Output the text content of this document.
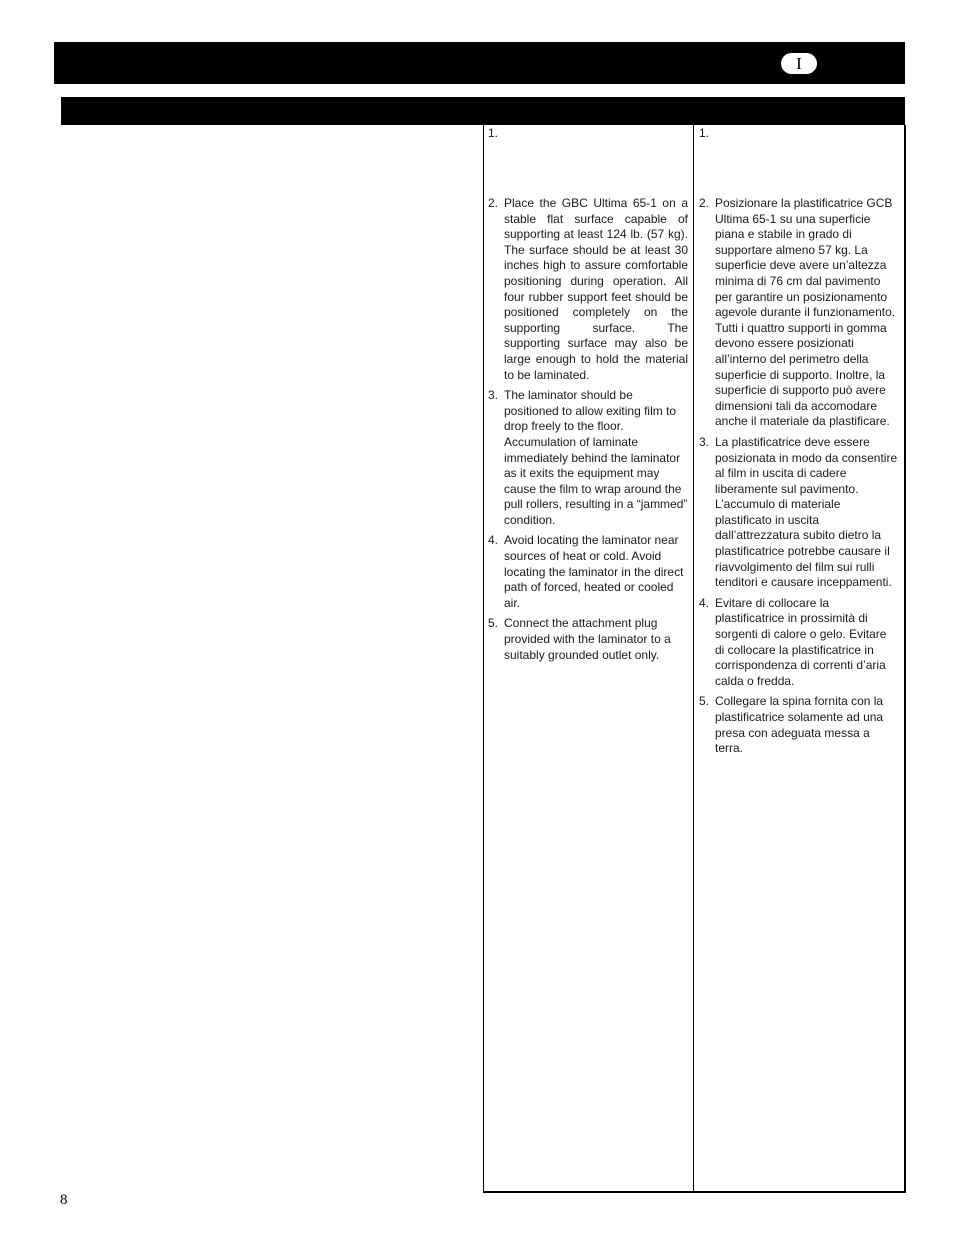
I
1.
2. Place the GBC Ultima 65-1 on a stable flat surface capable of supporting at least 124 lb. (57 kg). The surface should be at least 30 inches high to assure comfortable positioning during operation. All four rubber support feet should be positioned completely on the supporting surface. The supporting surface may also be large enough to hold the material to be laminated.
3. The laminator should be positioned to allow exiting film to drop freely to the floor. Accumulation of laminate immediately behind the laminator as it exits the equipment may cause the film to wrap around the pull rollers, resulting in a “jammed” condition.
4. Avoid locating the laminator near sources of heat or cold. Avoid locating the laminator in the direct path of forced, heated or cooled air.
5. Connect the attachment plug provided with the laminator to a suitably grounded outlet only.
1.
2. Posizionare la plastificatrice GCB Ultima 65-1 su una superficie piana e stabile in grado di supportare almeno 57 kg. La superficie deve avere un’altezza minima di 76 cm dal pavimento per garantire un posizionamento agevole durante il funzionamento. Tutti i quattro supporti in gomma devono essere posizionati all’interno del perimetro della superficie di supporto. Inoltre, la superficie di supporto può avere dimensioni tali da accomodare anche il materiale da plastificare.
3. La plastificatrice deve essere posizionata in modo da consentire al film in uscita di cadere liberamente sul pavimento. L’accumulo di materiale plastificato in uscita dall’attrezzatura subito dietro la plastificatrice potrebbe causare il riavvolgimento del film sui rulli tenditori e causare inceppamenti.
4. Evitare di collocare la plastificatrice in prossimità di sorgenti di calore o gelo. Evitare di collocare la plastificatrice in corrispondenza di correnti d’aria calda o fredda.
5. Collegare la spina fornita con la plastificatrice solamente ad una presa con adeguata messa a terra.
8
